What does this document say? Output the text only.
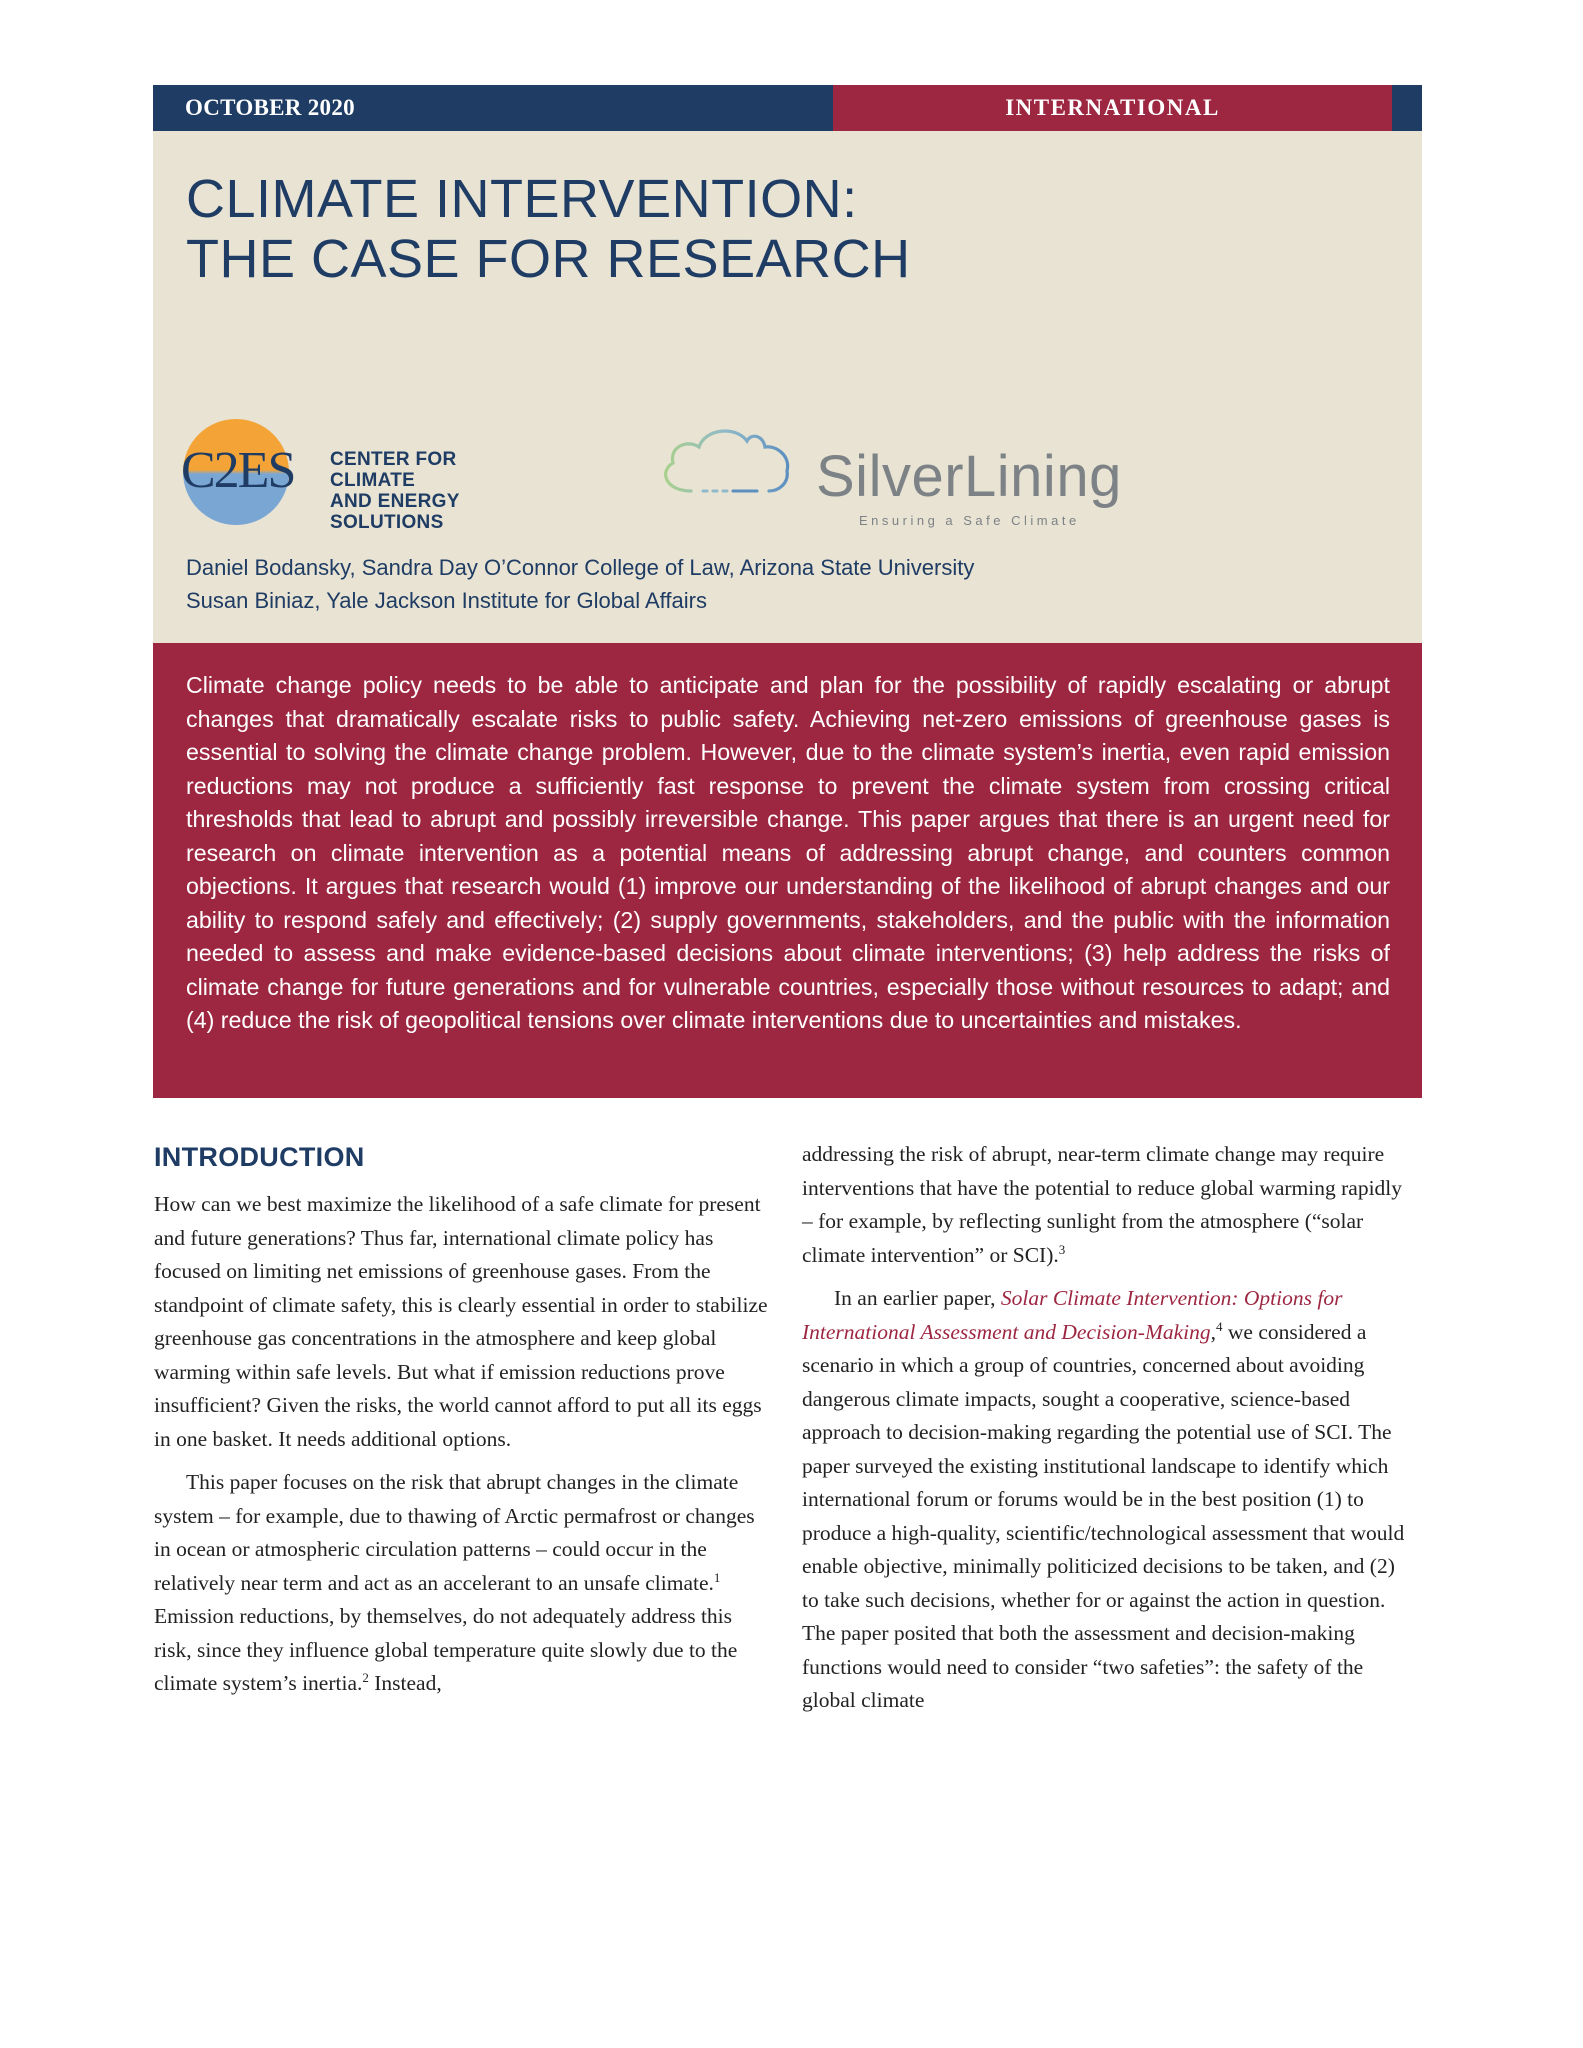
OCTOBER 2020	INTERNATIONAL
CLIMATE INTERVENTION:
THE CASE FOR RESEARCH
C2ES CENTER FOR CLIMATE
AND ENERGY SOLUTIONS
SilverLining
Ensuring a Safe Climate
Daniel Bodansky, Sandra Day O’Connor College of Law, Arizona State University
Susan Biniaz, Yale Jackson Institute for Global Affairs

Climate change policy needs to be able to anticipate and plan for the possibility of rapidly escalating or abrupt changes that dramatically escalate risks to public safety. Achieving net-zero emissions of greenhouse gases is essential to solving the climate change problem. However, due to the climate system’s inertia, even rapid emission reductions may not produce a sufficiently fast response to prevent the climate system from crossing critical thresholds that lead to abrupt and possibly irreversible change. This paper argues that there is an urgent need for research on climate intervention as a potential means of addressing abrupt change, and counters common objections. It argues that research would (1) improve our understanding of the likelihood of abrupt changes and our ability to respond safely and effectively; (2) supply governments, stakeholders, and the public with the information needed to assess and make evidence-based decisions about climate interventions; (3) help address the risks of climate change for future generations and for vulnerable countries, especially those without resources to adapt; and (4) reduce the risk of geopolitical tensions over climate interventions due to uncertainties and mistakes.

INTRODUCTION

How can we best maximize the likelihood of a safe climate for present and future generations? Thus far, international climate policy has focused on limiting net emissions of greenhouse gases. From the standpoint of climate safety, this is clearly essential in order to stabilize greenhouse gas concentrations in the atmosphere and keep global warming within safe levels. But what if emission reductions prove insufficient? Given the risks, the world cannot afford to put all its eggs in one basket. It needs additional options.

This paper focuses on the risk that abrupt changes in the climate system – for example, due to thawing of Arctic permafrost or changes in ocean or atmospheric circulation patterns – could occur in the relatively near term and act as an accelerant to an unsafe climate.$^1$ Emission reductions, by themselves, do not adequately address this risk, since they influence global temperature quite slowly due to the climate system’s inertia.$^2$ Instead,

addressing the risk of abrupt, near-term climate change may require interventions that have the potential to reduce global warming rapidly – for example, by reflecting sunlight from the atmosphere (“solar climate intervention” or SCI).$^3$

In an earlier paper, Solar Climate Intervention: Options for International Assessment and Decision-Making,$^4$ we considered a scenario in which a group of countries, concerned about avoiding dangerous climate impacts, sought a cooperative, science-based approach to decision-making regarding the potential use of SCI. The paper surveyed the existing institutional landscape to identify which international forum or forums would be in the best position (1) to produce a high-quality, scientific/technological assessment that would enable objective, minimally politicized decisions to be taken, and (2) to take such decisions, whether for or against the action in question. The paper posited that both the assessment and decision-making functions would need to consider “two safeties”: the safety of the global climate
